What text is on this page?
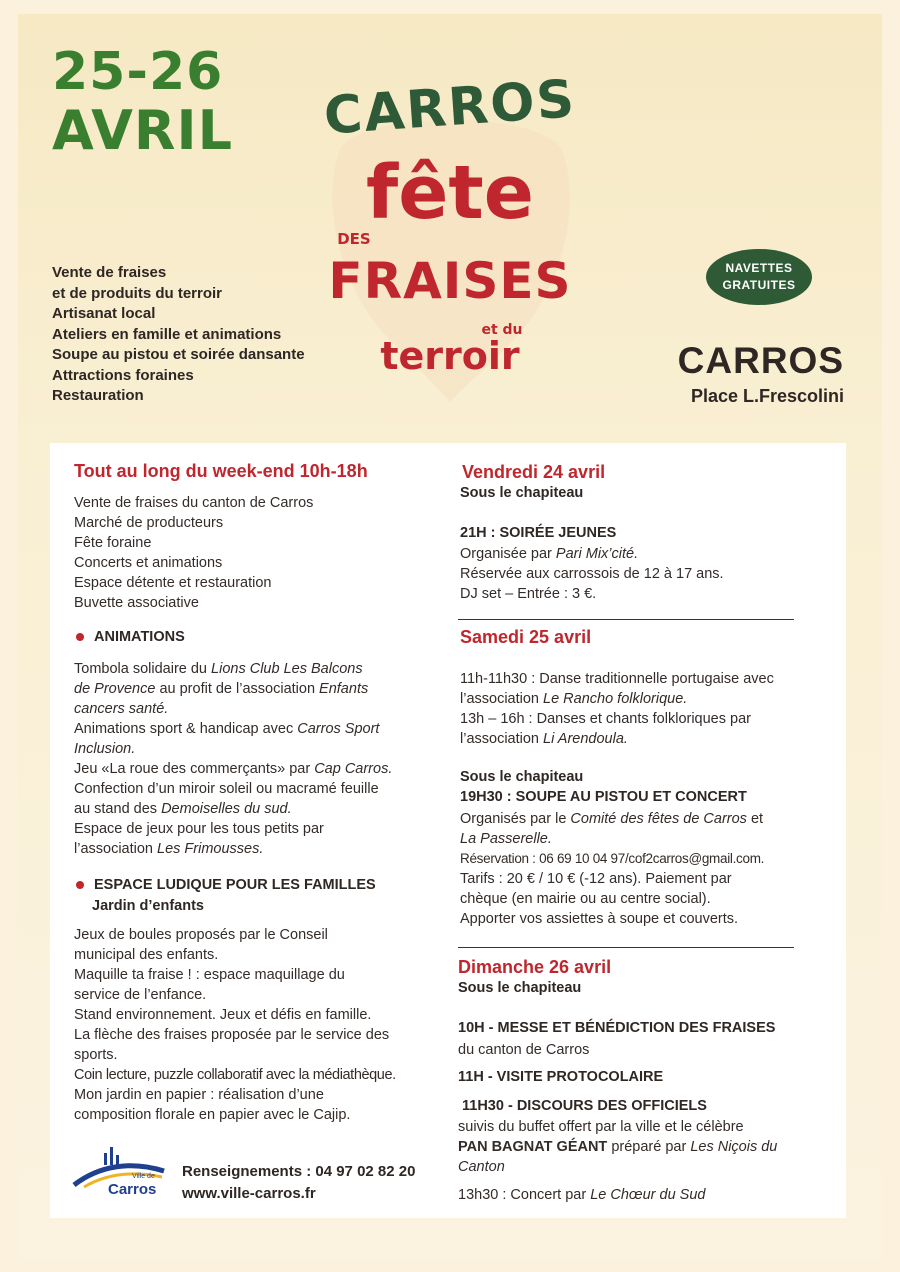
25-26
AVRIL	CARROS
fête
DES
FRAISES
et du
terroir
Vente de fraises
et de produits du terroir
Artisanat local
Ateliers en famille et animations
Soupe au pistou et soirée dansante
Attractions foraines
Restauration
NAVETTES
GRATUITES
CARROS
Place L.Frescolini
Tout au long du week-end 10h-18h
Vente de fraises du canton de Carros
Marché de producteurs
Fête foraine
Concerts et animations
Espace détente et restauration
Buvette associative
ANIMATIONS
Tombola solidaire du Lions Club Les Balcons
de Provence au profit de l’association Enfants
cancers santé.
Animations sport & handicap avec Carros Sport
Inclusion.
Jeu «La roue des commerçants» par Cap Carros.
Confection d’un miroir soleil ou macramé feuille
au stand des Demoiselles du sud.
Espace de jeux pour les tous petits par
l’association Les Frimousses.
ESPACE LUDIQUE POUR LES FAMILLES
Jardin d’enfants
Jeux de boules proposés par le Conseil
municipal des enfants.
Maquille ta fraise ! : espace maquillage du
service de l’enfance.
Stand environnement. Jeux et défis en famille.
La flèche des fraises proposée par le service des
sports.
Coin lecture, puzzle collaboratif avec la médiathèque.
Mon jardin en papier : réalisation d’une
composition florale en papier avec le Cajip.
Ville de
Carros
Renseignements : 04 97 02 82 20
www.ville-carros.fr
Vendredi 24 avril
Sous le chapiteau
21H : SOIRÉE JEUNES
Organisée par Pari Mix’cité.
Réservée aux carrossois de 12 à 17 ans.
DJ set – Entrée : 3 €.
Samedi 25 avril
11h-11h30 : Danse traditionnelle portugaise avec
l’association Le Rancho folklorique.
13h – 16h : Danses et chants folkloriques par
l’association Li Arendoula.
Sous le chapiteau
19H30 : SOUPE AU PISTOU ET CONCERT
Organisés par le Comité des fêtes de Carros et
La Passerelle.
Réservation : 06 69 10 04 97/cof2carros@gmail.com.
Tarifs : 20 € / 10 € (-12 ans). Paiement par
chèque (en mairie ou au centre social).
Apporter vos assiettes à soupe et couverts.
Dimanche 26 avril
Sous le chapiteau
10H - MESSE ET BÉNÉDICTION DES FRAISES
du canton de Carros
11H - VISITE PROTOCOLAIRE
11H30 - DISCOURS DES OFFICIELS
suivis du buffet offert par la ville et le célèbre
PAN BAGNAT GÉANT préparé par Les Niçois du
Canton
13h30 : Concert par Le Chœur du Sud
